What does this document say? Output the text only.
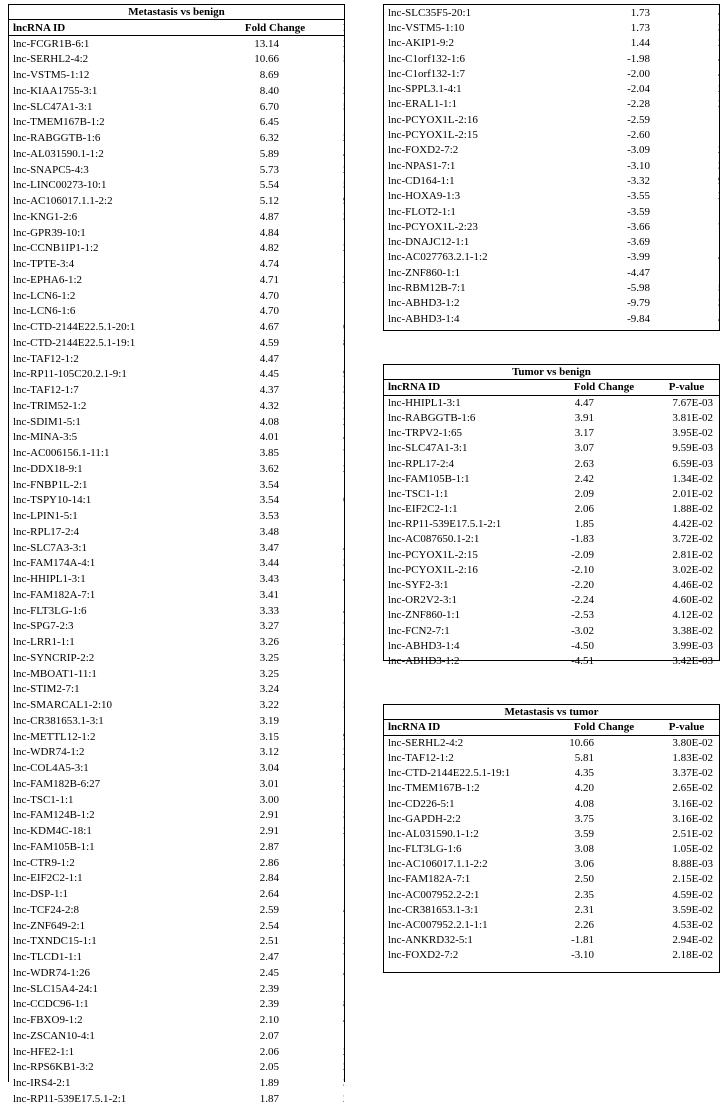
Metastasis vs benign
lncRNA ID	Fold Change	
lnc-FCGR1B-6:1	13.14	
lnc-SERHL2-4:2	10.66	
lnc-VSTM5-1:12	8.69	
lnc-KIAA1755-3:1	8.40	
lnc-SLC47A1-3:1	6.70	
lnc-TMEM167B-1:2	6.45	
lnc-RABGGTB-1:6	6.32	
lnc-AL031590.1-1:2	5.89	
lnc-SNAPC5-4:3	5.73	
lnc-LINC00273-10:1	5.54	
lnc-AC106017.1.1-2:2	5.12	
lnc-KNG1-2:6	4.87	
lnc-GPR39-10:1	4.84	
lnc-CCNB1IP1-1:2	4.82	
lnc-TPTE-3:4	4.74	
lnc-EPHA6-1:2	4.71	
lnc-LCN6-1:2	4.70	
lnc-LCN6-1:6	4.70	
lnc-CTD-2144E22.5.1-20:1	4.67	
lnc-CTD-2144E22.5.1-19:1	4.59	
lnc-TAF12-1:2	4.47	
lnc-RP11-105C20.2.1-9:1	4.45	
lnc-TAF12-1:7	4.37	
lnc-TRIM52-1:2	4.32	
lnc-SDIM1-5:1	4.08	
lnc-MINA-3:5	4.01	
lnc-AC006156.1-11:1	3.85	
lnc-DDX18-9:1	3.62	
lnc-FNBP1L-2:1	3.54	
lnc-TSPY10-14:1	3.54	
lnc-LPIN1-5:1	3.53	
lnc-RPL17-2:4	3.48	
lnc-SLC7A3-3:1	3.47	
lnc-FAM174A-4:1	3.44	
lnc-HHIPL1-3:1	3.43	
lnc-FAM182A-7:1	3.41	
lnc-FLT3LG-1:6	3.33	
lnc-SPG7-2:3	3.27	
lnc-LRR1-1:1	3.26	
lnc-SYNCRIP-2:2	3.25	
lnc-MBOAT1-11:1	3.25	
lnc-STIM2-7:1	3.24	
lnc-SMARCAL1-2:10	3.22	
lnc-CR381653.1-3:1	3.19	
lnc-METTL12-1:2	3.15	
lnc-WDR74-1:2	3.12	
lnc-COL4A5-3:1	3.04	
lnc-FAM182B-6:27	3.01	
lnc-TSC1-1:1	3.00	
lnc-FAM124B-1:2	2.91	
lnc-KDM4C-18:1	2.91	
lnc-FAM105B-1:1	2.87	
lnc-CTR9-1:2	2.86	
lnc-EIF2C2-1:1	2.84	
lnc-DSP-1:1	2.64	
lnc-TCF24-2:8	2.59	
lnc-ZNF649-2:1	2.54	
lnc-TXNDC15-1:1	2.51	
lnc-TLCD1-1:1	2.47	
lnc-WDR74-1:26	2.45	
lnc-SLC15A4-24:1	2.39	
lnc-CCDC96-1:1	2.39	
lnc-FBXO9-1:2	2.10	
lnc-ZSCAN10-4:1	2.07	
lnc-HFE2-1:1	2.06	
lnc-RPS6KB1-3:2	2.05	
lnc-IRS4-2:1	1.89	
lnc-RP11-539E17.5.1-2:1	1.87	
lnc-SLC35F5-20:1	1.73	
lnc-VSTM5-1:10	1.73	
lnc-AKIP1-9:2	1.44	
lnc-C1orf132-1:6	-1.98	
lnc-C1orf132-1:7	-2.00	
lnc-SPPL3.1-4:1	-2.04	
lnc-ERAL1-1:1	-2.28	
lnc-PCYOX1L-2:16	-2.59	
lnc-PCYOX1L-2:15	-2.60	
lnc-FOXD2-7:2	-3.09	
lnc-NPAS1-7:1	-3.10	
lnc-CD164-1:1	-3.32	
lnc-HOXA9-1:3	-3.55	
lnc-FLOT2-1:1	-3.59	
lnc-PCYOX1L-2:23	-3.66	
lnc-DNAJC12-1:1	-3.69	
lnc-AC027763.2.1-1:2	-3.99	
lnc-ZNF860-1:1	-4.47	
lnc-RBM12B-7:1	-5.98	
lnc-ABHD3-1:2	-9.79	
lnc-ABHD3-1:4	-9.84	
Tumor vs benign
lncRNA ID	Fold Change	P-value
lnc-HHIPL1-3:1	4.47	7.67E-03
lnc-RABGGTB-1:6	3.91	3.81E-02
lnc-TRPV2-1:65	3.17	3.95E-02
lnc-SLC47A1-3:1	3.07	9.59E-03
lnc-RPL17-2:4	2.63	6.59E-03
lnc-FAM105B-1:1	2.42	1.34E-02
lnc-TSC1-1:1	2.09	2.01E-02
lnc-EIF2C2-1:1	2.06	1.88E-02
lnc-RP11-539E17.5.1-2:1	1.85	4.42E-02
lnc-AC087650.1-2:1	-1.83	3.72E-02
lnc-PCYOX1L-2:15	-2.09	2.81E-02
lnc-PCYOX1L-2:16	-2.10	3.02E-02
lnc-SYF2-3:1	-2.20	4.46E-02
lnc-OR2V2-3:1	-2.24	4.60E-02
lnc-ZNF860-1:1	-2.53	4.12E-02
lnc-FCN2-7:1	-3.02	3.38E-02
lnc-ABHD3-1:4	-4.50	3.99E-03
lnc-ABHD3-1:2	-4.51	3.42E-03
Metastasis vs tumor
lncRNA ID	Fold Change	P-value
lnc-SERHL2-4:2	10.66	3.80E-02
lnc-TAF12-1:2	5.81	1.83E-02
lnc-CTD-2144E22.5.1-19:1	4.35	3.37E-02
lnc-TMEM167B-1:2	4.20	2.65E-02
lnc-CD226-5:1	4.08	3.16E-02
lnc-GAPDH-2:2	3.75	3.16E-02
lnc-AL031590.1-1:2	3.59	2.51E-02
lnc-FLT3LG-1:6	3.08	1.05E-02
lnc-AC106017.1.1-2:2	3.06	8.88E-03
lnc-FAM182A-7:1	2.50	2.15E-02
lnc-AC007952.2-2:1	2.35	4.59E-02
lnc-CR381653.1-3:1	2.31	3.59E-02
lnc-AC007952.2.1-1:1	2.26	4.53E-02
lnc-ANKRD32-5:1	-1.81	2.94E-02
lnc-FOXD2-7:2	-3.10	2.18E-02
